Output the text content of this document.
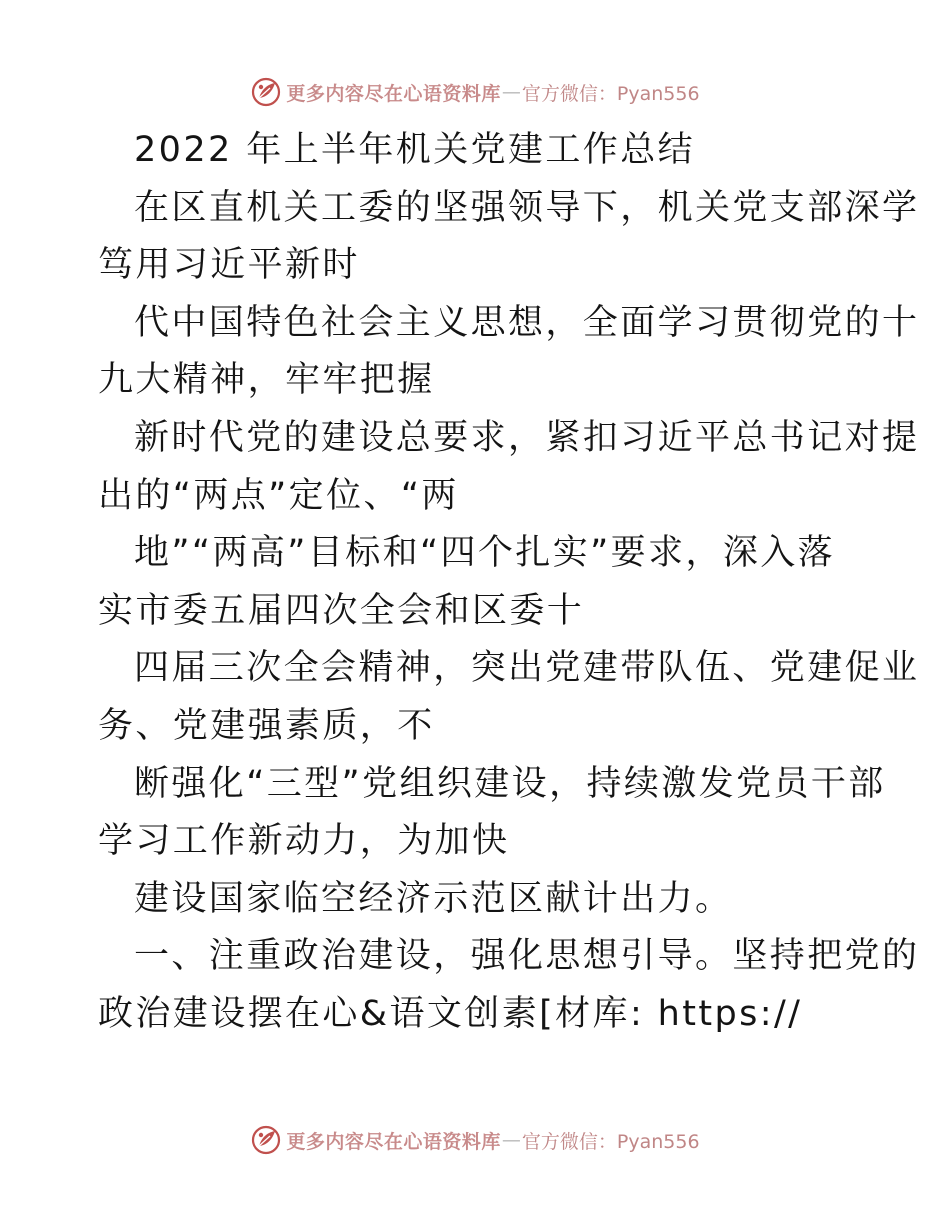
更多内容尽在心语资料库 — 官方微信：Pyan556
2022 年上半年机关党建工作总结
在区直机关工委的坚强领导下，机关党支部深学
笃用习近平新时
代中国特色社会主义思想，全面学习贯彻党的十
九大精神，牢牢把握
新时代党的建设总要求，紧扣习近平总书记对提
出的“两点”定位、“两
地”“两高”目标和“四个扎实”要求，深入落
实市委五届四次全会和区委十
四届三次全会精神，突出党建带队伍、党建促业
务、党建强素质，不
断强化“三型”党组织建设，持续激发党员干部
学习工作新动力，为加快
建设国家临空经济示范区献计出力。
一、注重政治建设，强化思想引导。坚持把党的
政治建设摆在心&语文创素[材库: https://
更多内容尽在心语资料库 — 官方微信：Pyan556
